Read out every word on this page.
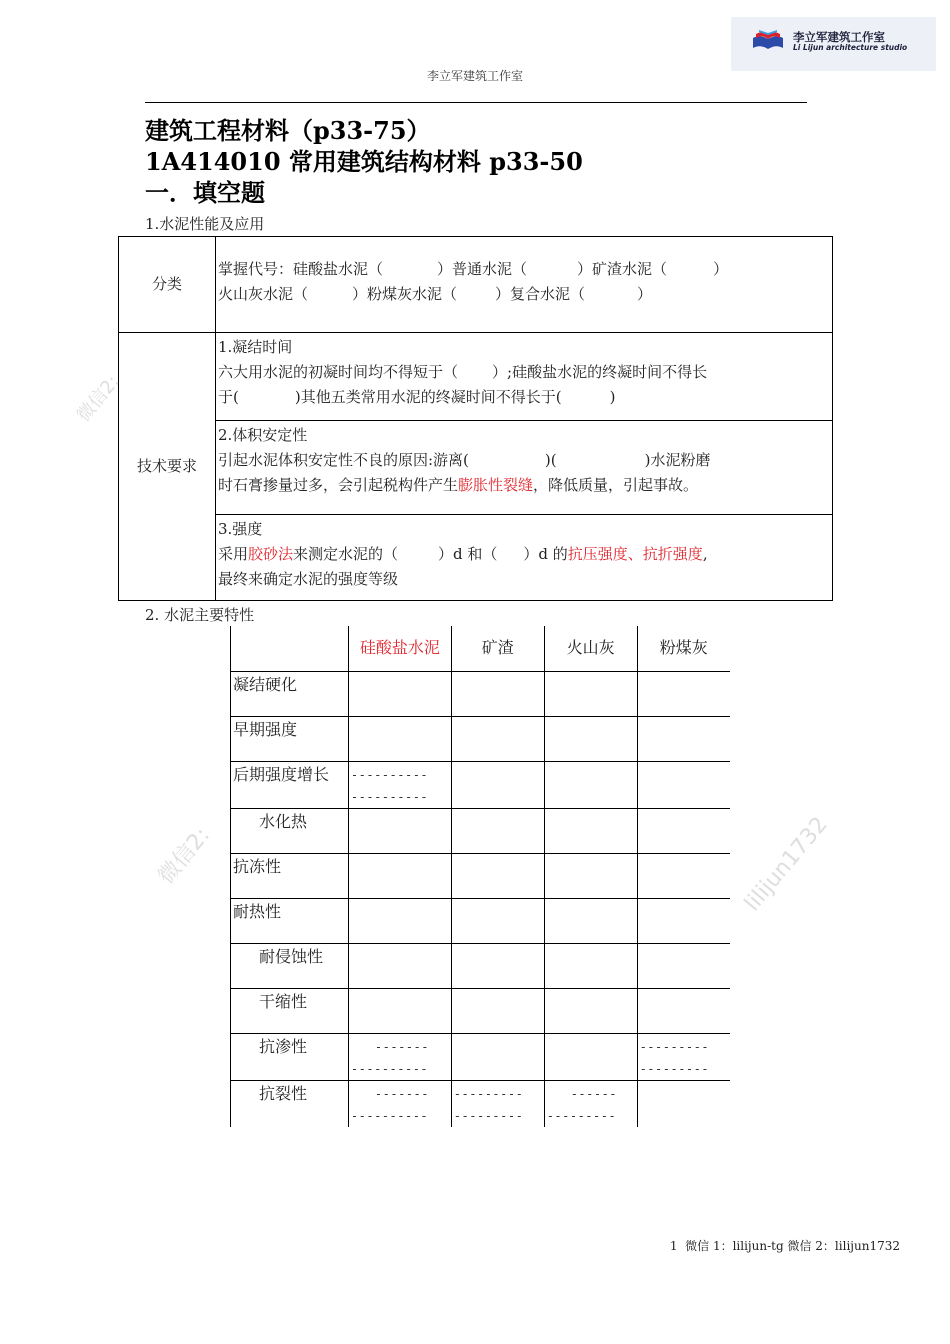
李立军建筑工作室
Li Lijun architecture studio
李立军建筑工作室
建筑工程材料（p33-75）
1A414010 常用建筑结构材料 p33-50
一．填空题
1.水泥性能及应用
分类	掌握代号：硅酸盐水泥（ ）普通水泥（ ）矿渣水泥（ ）
火山灰水泥（ ）粉煤灰水泥（ ）复合水泥（ ）

技术要求	1.凝结时间
六大用水泥的初凝时间均不得短于（ ）;硅酸盐水泥的终凝时间不得长
于( )其他五类常用水泥的终凝时间不得长于( )

	2.体积安定性
引起水泥体积安定性不良的原因:游离( )( )水泥粉磨
时石膏掺量过多，会引起税构件产生膨胀性裂缝，降低质量，引起事故。

	3.强度
采用胶砂法来测定水泥的（ ）d 和（ ）d 的抗压强度、抗折强度,
最终来确定水泥的强度等级
2. 水泥主要特性
	硅酸盐水泥	矿渣	火山灰	粉煤灰
凝结硬化				
早期强度				
后期强度增长	----------
----------			

水化热				
抗冻性				
耐热性				
耐侵蚀性				
干缩性				
抗渗性	-------
----------			---------
---------

抗裂性	-------
----------	---------
---------	------
---------	

微信2:
微信2:	lilijun1732
1 微信 1：lilijun-tg 微信 2：lilijun1732
